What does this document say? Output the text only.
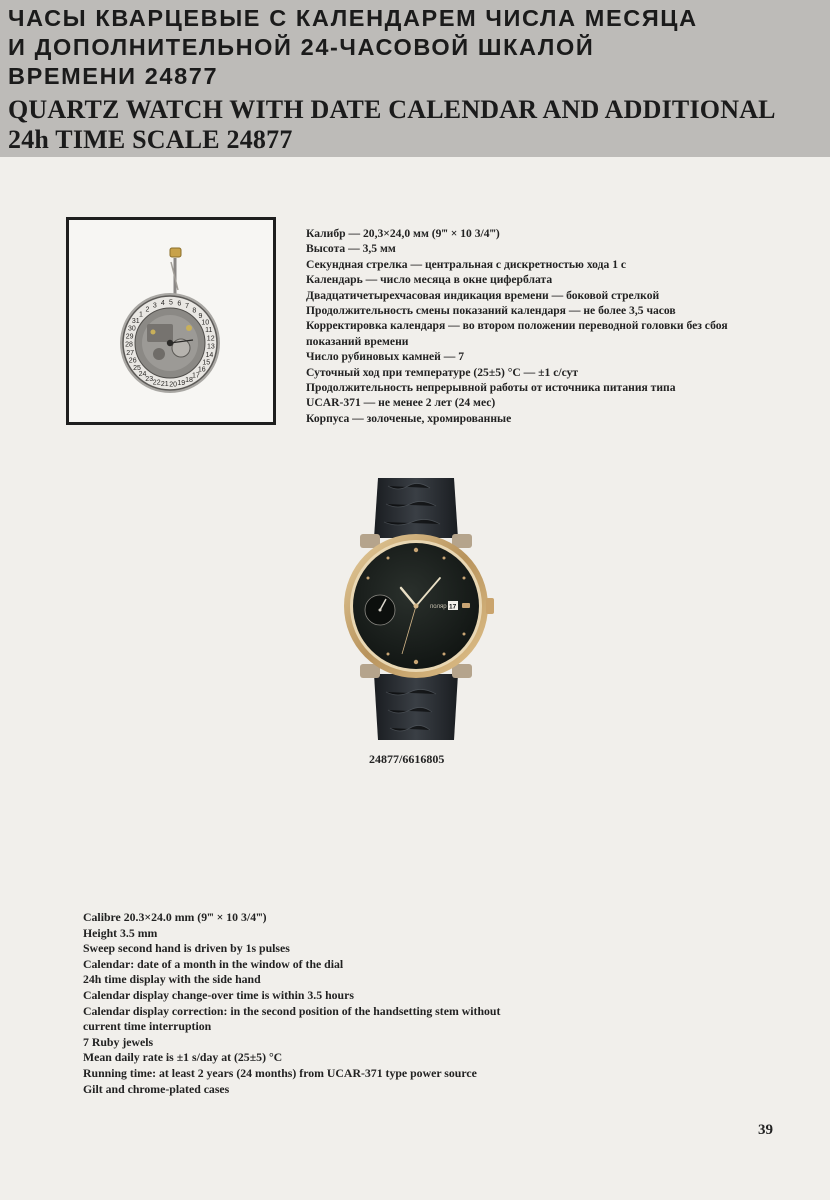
ЧАСЫ КВАРЦЕВЫЕ С КАЛЕНДАРЕМ ЧИСЛА МЕСЯЦА
И ДОПОЛНИТЕЛЬНОЙ 24-ЧАСОВОЙ ШКАЛОЙ
ВРЕМЕНИ 24877
QUARTZ WATCH WITH DATE CALENDAR AND ADDITIONAL
24h TIME SCALE 24877
1
2
3 4 5 6 7
8
9
10
11
12
13
14
15
16
17
18
19
20
21
22
23
24
25
26
27
28
29
30
31
Калибр — 20,3×24,0 мм (9‴ × 10 3/4‴)
Высота — 3,5 мм
Секундная стрелка — центральная с дискретностью хода 1 с
Календарь — число месяца в окне циферблата
Двадцатичетырехчасовая индикация времени — боковой стрелкой
Продолжительность смены показаний календаря — не более 3,5 часов
Корректировка календаря — во втором положении переводной головки без сбоя
показаний времени
Число рубиновых камней — 7
Суточный ход при температуре (25±5) °С — ±1 с/сут
Продолжительность непрерывной работы от источника питания типа
UCAR-371 — не менее 2 лет (24 мес)
Корпуса — золоченые, хромированные
поляр 17
24877/6616805
Calibre 20.3×24.0 mm (9‴ × 10 3/4‴)
Height 3.5 mm
Sweep second hand is driven by 1s pulses
Calendar: date of a month in the window of the dial
24h time display with the side hand
Calendar display change-over time is within 3.5 hours
Calendar display correction: in the second position of the handsetting stem without
current time interruption
7 Ruby jewels
Mean daily rate is ±1 s/day at (25±5) °С
Running time: at least 2 years (24 months) from UCAR-371 type power source
Gilt and chrome-plated cases
39
